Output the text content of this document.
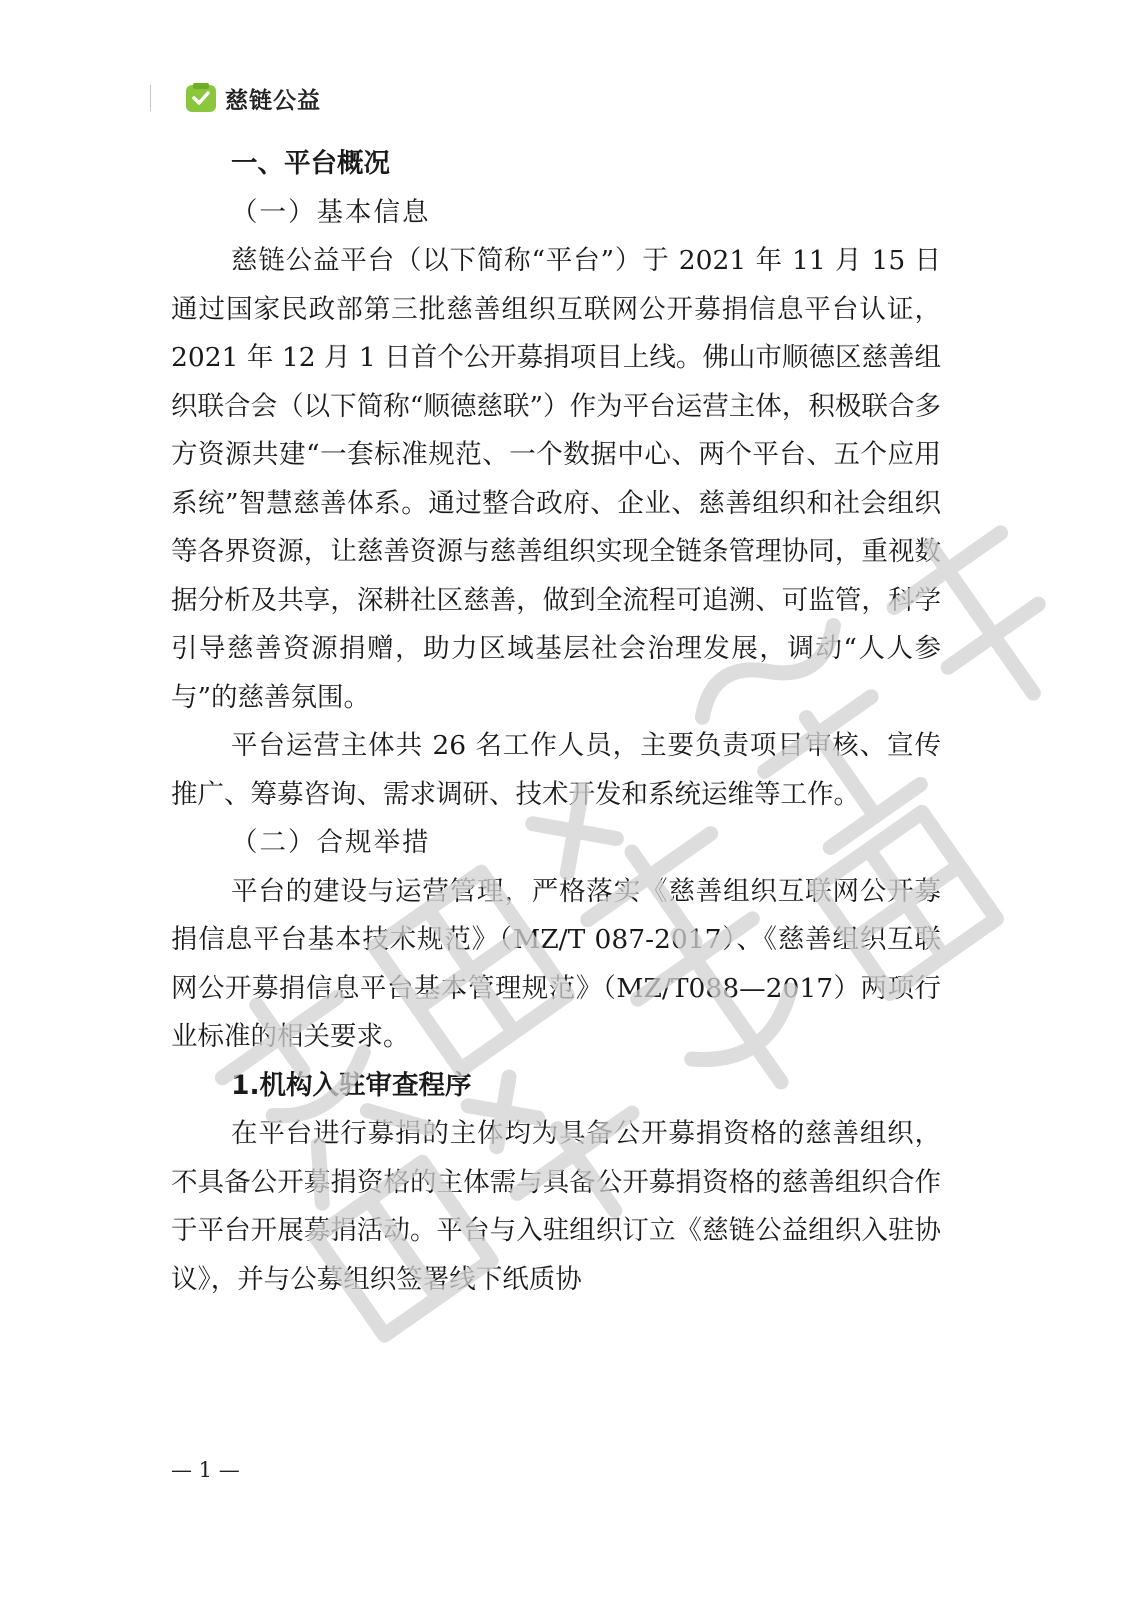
慈链公益

一、平台概况

（一）基本信息

慈链公益平台（以下简称“平台”）于 2021 年 11 月 15 日通过国家民政部第三批慈善组织互联网公开募捐信息平台认证，2021 年 12 月 1 日首个公开募捐项目上线。佛山市顺德区慈善组织联合会（以下简称“顺德慈联”）作为平台运营主体，积极联合多方资源共建“一套标准规范、一个数据中心、两个平台、五个应用系统”智慧慈善体系。通过整合政府、企业、慈善组织和社会组织等各界资源，让慈善资源与慈善组织实现全链条管理协同，重视数据分析及共享，深耕社区慈善，做到全流程可追溯、可监管，科学引导慈善资源捐赠，助力区域基层社会治理发展，调动“人人参与”的慈善氛围。

平台运营主体共 26 名工作人员，主要负责项目审核、宣传推广、筹募咨询、需求调研、技术开发和系统运维等工作。

（二）合规举措

平台的建设与运营管理，严格落实《慈善组织互联网公开募捐信息平台基本技术规范》（MZ/T 087-2017）、《慈善组织互联网公开募捐信息平台基本管理规范》（MZ/T088—2017）两项行业标准的相关要求。

1.机构入驻审查程序

在平台进行募捐的主体均为具备公开募捐资格的慈善组织，不具备公开募捐资格的主体需与具备公开募捐资格的慈善组织合作于平台开展募捐活动。平台与入驻组织订立《慈链公益组织入驻协议》，并与公募组织签署线下纸质协

— 1 —
